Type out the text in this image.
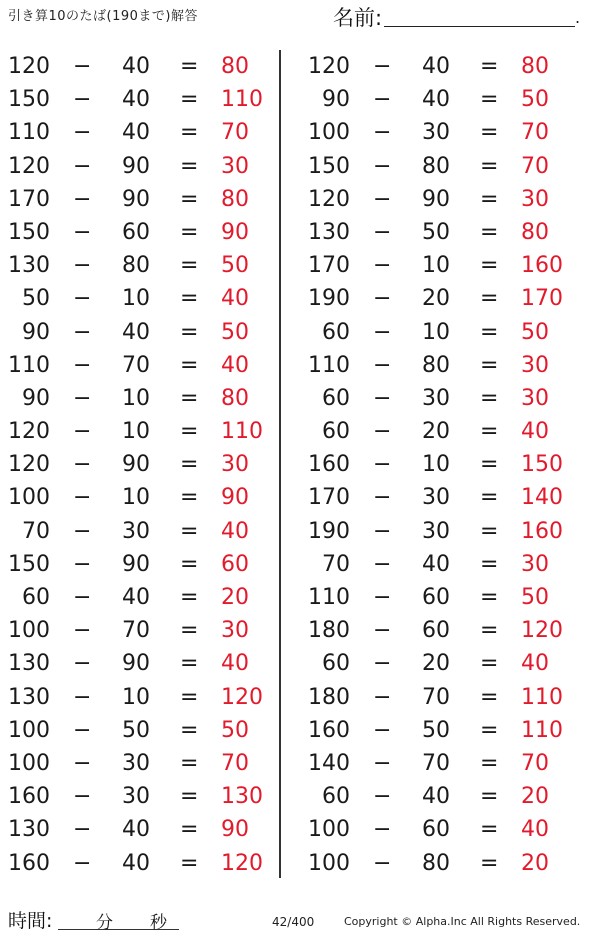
引き算10のたば(190まで)解答	名前:	.
120 −	40 = 80
150 −	40 = 110
110 −	40 = 70
120 −	90 = 30
170 −	90 = 80
150 −	60 = 90
130 −	80 = 50
50 −	10 = 40
90 −	40 = 50
110 −	70 = 40
90 −	10 = 80
120 −	10 = 110
120 −	90 = 30
100 −	10 = 90
70 −	30 = 40
150 −	90 = 60
60 −	40 = 20
100 −	70 = 30
130 −	90 = 40
130 −	10 = 120
100 −	50 = 50
100 −	30 = 70
160 −	30 = 130
130 −	40 = 90
160 −	40 = 120
120 −	40 = 80
90 −	40 = 50
100 −	30 = 70
150 −	80 = 70
120 −	90 = 30
130 −	50 = 80
170 −	10 = 160
190 −	20 = 170
60 −	10 = 50
110 −	80 = 30
60 −	30 = 30
60 −	20 = 40
160 −	10 = 150
170 −	30 = 140
190 −	30 = 160
70 −	40 = 30
110 −	60 = 50
180 −	60 = 120
60 −	20 = 40
180 −	70 = 110
160 −	50 = 110
140 −	70 = 70
60 −	40 = 20
100 −	60 = 40
100 −	80 = 20
時間:	分 秒	42/400	Copyright © Alpha.Inc All Rights Reserved.
